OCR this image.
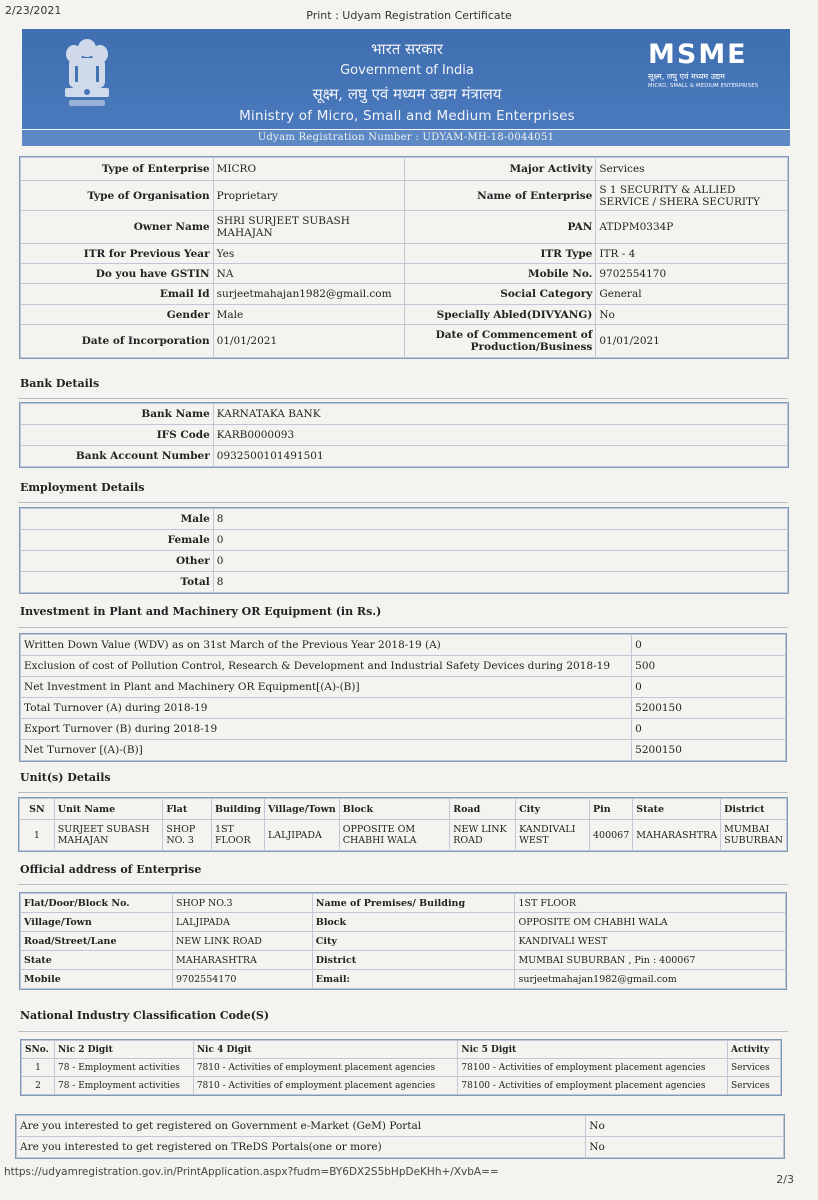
2/23/2021	Print : Udyam Registration Certificate
भारत सरकार
Government of India
सूक्ष्म, लघु एवं मध्यम उद्यम मंत्रालय
Ministry of Micro, Small and Medium Enterprises
MSME
सूक्ष्म, लघु एवं मध्यम उद्यम
MICRO, SMALL & MEDIUM ENTERPRISES
Udyam Registration Number : UDYAM-MH-18-0044051
Type of Enterprise	MICRO	Major Activity	Services
Type of Organisation	Proprietary	Name of Enterprise	S 1 SECURITY & ALLIED SERVICE / SHERA SECURITY
Owner Name	SHRI SURJEET SUBASH MAHAJAN	PAN	ATDPM0334P
ITR for Previous Year	Yes	ITR Type	ITR - 4
Do you have GSTIN	NA	Mobile No.	9702554170
Email Id	surjeetmahajan1982@gmail.com	Social Category	General
Gender	Male	Specially Abled(DIVYANG)	No
Date of Incorporation	01/01/2021	Date of Commencement of Production/Business	01/01/2021
Bank Details
Bank Name	KARNATAKA BANK
IFS Code	KARB0000093
Bank Account Number	0932500101491501
Employment Details
Male	8
Female	0
Other	0
Total	8
Investment in Plant and Machinery OR Equipment (in Rs.)
Written Down Value (WDV) as on 31st March of the Previous Year 2018-19 (A)	0
Exclusion of cost of Pollution Control, Research & Development and Industrial Safety Devices during 2018-19	500
Net Investment in Plant and Machinery OR Equipment[(A)-(B)]	0
Total Turnover (A) during 2018-19	5200150
Export Turnover (B) during 2018-19	0
Net Turnover [(A)-(B)]	5200150
Unit(s) Details
SN	Unit Name	Flat	Building	Village/Town	Block	Road	City	Pin	State	District
1	SURJEET SUBASH MAHAJAN	SHOP NO. 3	1ST FLOOR	LALJIPADA	OPPOSITE OM CHABHI WALA	NEW LINK ROAD	KANDIVALI WEST	400067	MAHARASHTRA	MUMBAI SUBURBAN
Official address of Enterprise
Flat/Door/Block No.	SHOP NO.3	Name of Premises/ Building	1ST FLOOR
Village/Town	LALJIPADA	Block	OPPOSITE OM CHABHI WALA
Road/Street/Lane	NEW LINK ROAD	City	KANDIVALI WEST
State	MAHARASHTRA	District	MUMBAI SUBURBAN , Pin : 400067
Mobile	9702554170	Email:	surjeetmahajan1982@gmail.com
National Industry Classification Code(S)
SNo.	Nic 2 Digit	Nic 4 Digit	Nic 5 Digit	Activity
1	78 - Employment activities	7810 - Activities of employment placement agencies	78100 - Activities of employment placement agencies	Services
2	78 - Employment activities	7810 - Activities of employment placement agencies	78100 - Activities of employment placement agencies	Services
Are you interested to get registered on Government e-Market (GeM) Portal	No
Are you interested to get registered on TReDS Portals(one or more)	No
https://udyamregistration.gov.in/PrintApplication.aspx?fudm=BY6DX2S5bHpDeKHh+/XvbA==
2/3
